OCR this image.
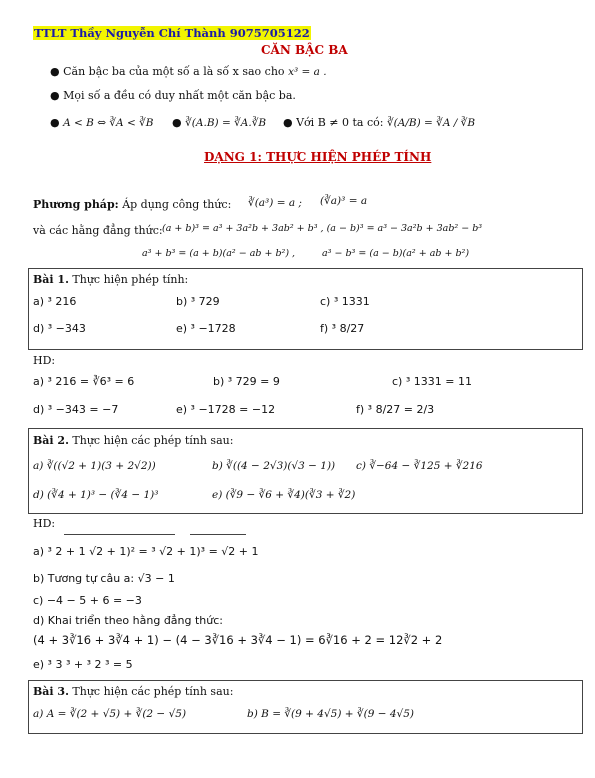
TTLT Thầy Nguyễn Chí Thành 9075705122
CĂN BẬC BA
● Căn bậc ba của một số a là số x sao cho x³ = a .
● Mọi số a đều có duy nhất một căn bậc ba.
● A < B ⇔ ∛A < ∛B ● ∛(A.B) = ∛A.∛B ● Với B ≠ 0 ta có: ∛(A/B) = ∛A / ∛B
DẠNG 1: THỰC HIỆN PHÉP TÍNH
Phương pháp: Áp dụng công thức: ∛(a³) = a ; (∛a)³ = a
và các hằng đẳng thức: (a + b)³ = a³ + 3a²b + 3ab² + b³ , (a − b)³ = a³ − 3a²b + 3ab² − b³
a³ + b³ = (a + b)(a² − ab + b²) ,	a³ − b³ = (a − b)(a² + ab + b²)
Bài 1. Thực hiện phép tính:
a) ³ 216	b) ³ 729	c) ³ 1331
d) ³ −343	e) ³ −1728	f) ³ 8/27
HD:
a) ³ 216 = ∛6³ = 6	b) ³ 729 = 9	c) ³ 1331 = 11
d) ³ −343 = −7	e) ³ −1728 = −12	f) ³ 8/27 = 2/3
Bài 2. Thực hiện các phép tính sau:
a) ∛((√2 + 1)(3 + 2√2))	b) ∛((4 − 2√3)(√3 − 1)) c) ∛−64 − ∛125 + ∛216
d) (∛4 + 1)³ − (∛4 − 1)³	e) (∛9 − ∛6 + ∛4)(∛3 + ∛2)
HD:
a) ³ 2 + 1 √2 + 1)² = ³ √2 + 1)³ = √2 + 1
b) Tương tự câu a: √3 − 1
c) −4 − 5 + 6 = −3
d) Khai triển theo hằng đẳng thức:
(4 + 3∛16 + 3∛4 + 1) − (4 − 3∛16 + 3∛4 − 1) = 6∛16 + 2 = 12∛2 + 2
e) ³ 3 ³ + ³ 2 ³ = 5
Bài 3. Thực hiện các phép tính sau:
a) A = ∛(2 + √5) + ∛(2 − √5)	b) B = ∛(9 + 4√5) + ∛(9 − 4√5)
